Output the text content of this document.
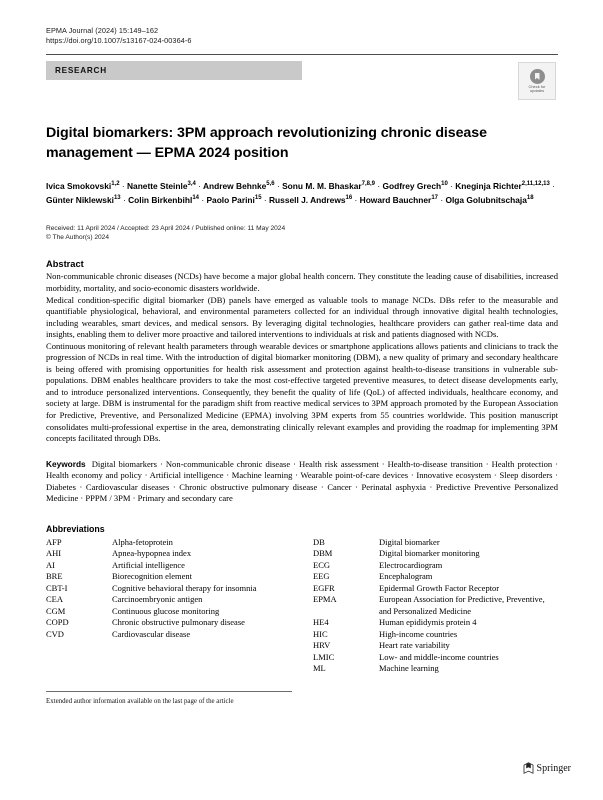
EPMA Journal (2024) 15:149–162
https://doi.org/10.1007/s13167-024-00364-6
RESEARCH
Check for
updates
Digital biomarkers: 3PM approach revolutionizing chronic disease management — EPMA 2024 position
Ivica Smokovski$^{1,2}$ · Nanette Steinle$^{3,4}$ · Andrew Behnke$^{5,6}$ · Sonu M. M. Bhaskar$^{7,8,9}$ · Godfrey Grech$^{10}$ · Kneginja Richter$^{2,11,12,13}$ · Günter Niklewski$^{13}$ · Colin Birkenbihl$^{14}$ · Paolo Parini$^{15}$ · Russell J. Andrews$^{16}$ · Howard Bauchner$^{17}$ · Olga Golubnitschaja$^{18}$
Received: 11 April 2024 / Accepted: 23 April 2024 / Published online: 11 May 2024
© The Author(s) 2024
Abstract

Non-communicable chronic diseases (NCDs) have become a major global health concern. They constitute the leading cause of disabilities, increased morbidity, mortality, and socio-economic disasters worldwide.

Medical condition-specific digital biomarker (DB) panels have emerged as valuable tools to manage NCDs. DBs refer to the measurable and quantifiable physiological, behavioral, and environmental parameters collected for an individual through innovative digital health technologies, including wearables, smart devices, and medical sensors. By leveraging digital technologies, healthcare providers can gather real-time data and insights, enabling them to deliver more proactive and tailored interventions to individuals at risk and patients diagnosed with NCDs.

Continuous monitoring of relevant health parameters through wearable devices or smartphone applications allows patients and clinicians to track the progression of NCDs in real time. With the introduction of digital biomarker monitoring (DBM), a new quality of primary and secondary healthcare is being offered with promising opportunities for health risk assessment and protection against health-to-disease transitions in vulnerable sub-populations. DBM enables healthcare providers to take the most cost-effective targeted preventive measures, to detect disease developments early, and to introduce personalized interventions. Consequently, they benefit the quality of life (QoL) of affected individuals, healthcare economy, and society at large. DBM is instrumental for the paradigm shift from reactive medical services to 3PM approach promoted by the European Association for Predictive, Preventive, and Personalized Medicine (EPMA) involving 3PM experts from 55 countries worldwide. This position manuscript consolidates multi-professional expertise in the area, demonstrating clinically relevant examples and providing the roadmap for implementing 3PM concepts facilitated through DBs.

Keywords Digital biomarkers · Non-communicable chronic disease · Health risk assessment · Health-to-disease transition · Health protection · Health economy and policy · Artificial intelligence · Machine learning · Wearable point-of-care devices · Innovative ecosystem · Sleep disorders · Diabetes · Cardiovascular diseases · Chronic obstructive pulmonary disease · Cancer · Perinatal asphyxia · Predictive Preventive Personalized Medicine · PPPM / 3PM · Primary and secondary care
Abbreviations
AFP	Alpha-fetoprotein
AHI	Apnea-hypopnea index
AI	Artificial intelligence
BRE	Biorecognition element
CBT-I	Cognitive behavioral therapy for insomnia
CEA	Carcinoembryonic antigen
CGM	Continuous glucose monitoring
COPD	Chronic obstructive pulmonary disease
CVD	Cardiovascular disease
DB	Digital biomarker
DBM	Digital biomarker monitoring
ECG	Electrocardiogram
EEG	Encephalogram
EGFR	Epidermal Growth Factor Receptor
EPMA	European Association for Predictive, Preventive, and Personalized Medicine
HE4	Human epididymis protein 4
HIC	High-income countries
HRV	Heart rate variability
LMIC	Low- and middle-income countries
ML	Machine learning
Extended author information available on the last page of the article
Springer
